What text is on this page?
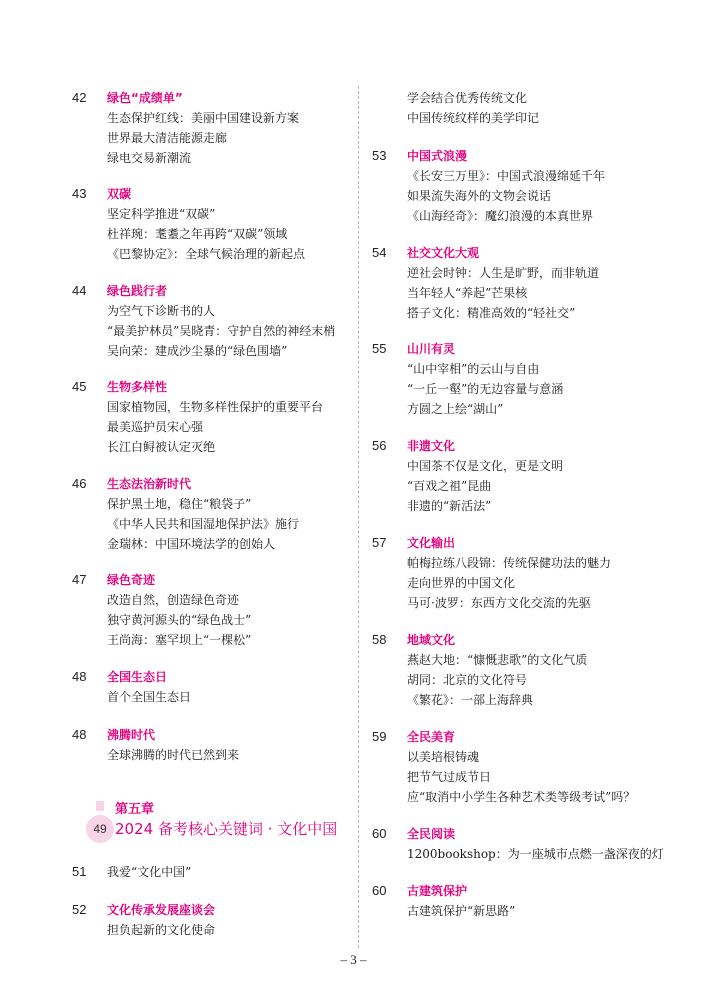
42	绿色“成绩单”
生态保护红线：美丽中国建设新方案
世界最大清洁能源走廊
绿电交易新潮流
43	双碳
坚定科学推进“双碳”
杜祥琬：耄耋之年再跨“双碳”领域
《巴黎协定》：全球气候治理的新起点
44	绿色践行者
为空气下诊断书的人
“最美护林员”吴晓青：守护自然的神经末梢
吴向荣：建成沙尘暴的“绿色围墙”
45	生物多样性
国家植物园，生物多样性保护的重要平台
最美巡护员宋心强
长江白鲟被认定灭绝
46	生态法治新时代
保护黑土地，稳住“粮袋子”
《中华人民共和国湿地保护法》施行
金瑞林：中国环境法学的创始人
47	绿色奇迹
改造自然，创造绿色奇迹
独守黄河源头的“绿色战士”
王尚海：塞罕坝上“一棵松”
48	全国生态日
首个全国生态日
48	沸腾时代
全球沸腾的时代已然到来
49
第五章
2024 备考核心关键词 · 文化中国
51	我爱“文化中国”
52	文化传承发展座谈会
担负起新的文化使命
学会结合优秀传统文化
中国传统纹样的美学印记
53	中国式浪漫
《长安三万里》：中国式浪漫绵延千年
如果流失海外的文物会说话
《山海经奇》：魔幻浪漫的本真世界
54	社交文化大观
逆社会时钟：人生是旷野，而非轨道
当年轻人“养起”芒果核
搭子文化：精准高效的“轻社交”
55	山川有灵
“山中宰相”的云山与自由
“一丘一壑”的无边容量与意涵
方圆之上绘“湖山”
56	非遗文化
中国茶不仅是文化，更是文明
“百戏之祖”昆曲
非遗的“新活法”
57	文化输出
帕梅拉练八段锦：传统保健功法的魅力
走向世界的中国文化
马可·波罗：东西方文化交流的先驱
58	地域文化
燕赵大地：“慷慨悲歌”的文化气质
胡同：北京的文化符号
《繁花》：一部上海辞典
59	全民美育
以美培根铸魂
把节气过成节日
应“取消中小学生各种艺术类等级考试”吗？
60	全民阅读
1200bookshop：为一座城市点燃一盏深夜的灯
60	古建筑保护
古建筑保护“新思路”
– 3 –
